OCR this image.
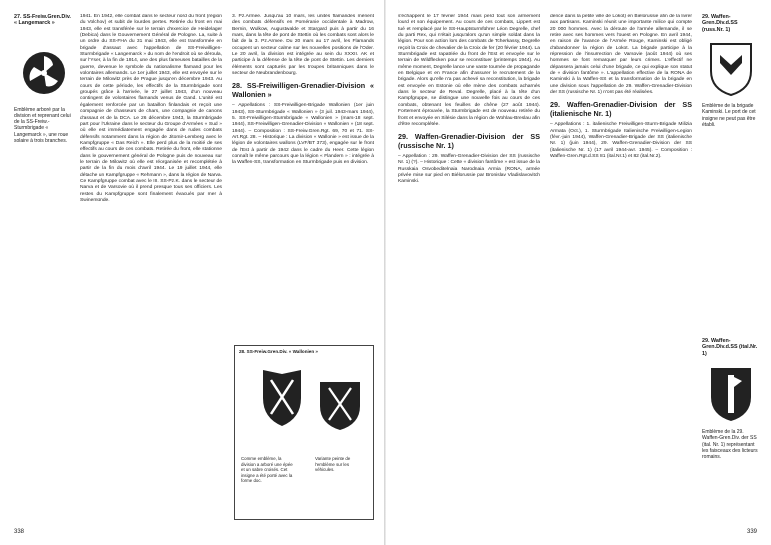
27. SS-Freiw.Gren.Div. « Langemarck »
Emblème arboré par la division et reprenant celui de la SS-Freiw.-Sturmbrigade « Langemarck », une roue solaire à trois branches.

1941. En 1942, elle combat dans le secteur nord du front (région du Volchov) et subit de lourdes pertes. Retirée du front en mai 1943, elle est transférée sur le terrain d'exercice de Heidelager (Debica) dans le Gouvernement Général de Pologne. La, suite à un ordre du SS-FHA du 31 mai 1943, elle est transformée en brigade d'assaut avec l'appellation de SS-Freiwilligen-Sturmbrigade « Langemarck » du nom de l'endroit où se déroula, sur l'Yser, à la fin de 1914, une des plus fameuses batailles de la guerre, devenue le symbole du nationalisme flamand pour les volontaires allemands. Le 1er juillet 1943, elle est envoyée sur le terrain de Milowitz près de Prague jusqu'en décembre 1943. Au cours de cette période, les effectifs de la Sturmbrigade sont groupés grâce à l'arrivée, le 27 juillet 1943, d'un nouveau contingent de volontaires flamands venus de Gand. L'unité est également renforcée par un bataillon finlandais et reçoit une compagnie de chasseurs de chars, une compagnie de canons d'assaut et de la DCA. Le 26 décembre 1943, la Sturmbrigade part pour l'Ukraine dans le secteur du Groupe d'Armées « Sud » où elle est immédiatement engagée dans de rudes combats défensifs notamment dans la région de Jitomir-Lemberg avec le Kampfgruppe « Das Reich ». Elle perd plus de la moitié de ses effectifs au cours de ces combats. Retirée du front, elle stationne dans le gouvernement général de Pologne puis de nouveau sur le terrain de Milowitz où elle est réorganisée et recomplétée à partir de la fin du mois d'avril 1944. Le 19 juillet 1944, elle détache un Kampfgruppe « Rehmann », dans la région de Narva. Ce Kampfgruppe combat avec le III. SS-Pz.K. dans le secteur de Narva et de Varsovie où il prend presque tous ses officiers. Les restes du Kampfgruppe sont finalement évacués par mer à Swinemünde.

3. Pz.Armee. Jusqu'au 10 mars, les unités flamandes mènent des combats défensifs en Poméranie occidentale à Madrow, Bernin, Wulkow, Augustwalde et Stargard puis à partir du 16 mars, dans la tête de pont de Stettin où les combats sont alors le fait de la 3. Pz.Armee. Du 20 mars au 17 avril, les Flamands occupent un secteur calme sur les nouvelles positions de l'Oder. Le 20 avril, la division est intégrée au sein du XXXII. AK et participe à la défense de la tête de pont de Stettin. Les derniers éléments sont capturés par les troupes britanniques dans le secteur de Neubrandenbourg.

28. SS-Freiwilligen-Grenadier-Division « Wallonien »

– Appellations : SS-Freiwilligen-Brigade Wallonien (1er juin 1943), SS-Sturmbrigade « Wallonien » (3 juil. 1943-mars 1944), 5. SS-Freiwilligen-Sturmbrigade « Wallonien » (mars-18 sept. 1944), SS-Freiwilligen-Grenadier-Division « Wallonien » (18 sept. 1944). – Composition : SS-Freiw.Gren.Rgt. 69, 70 et 71. SS-Art.Rgt. 28. – Historique : La division « Wallonie » est issue de la légion de volontaires wallons (LVF/BT 373), engagée sur le front de l'Est à partir de 1942 dans le cadre du Heer. Cette légion connaît le même parcours que la légion « Flandern » : intégrée à la Waffen-SS, transformation en Sturmbrigade puis en division.

28. SS-Freiw.Gren.Div. « Wallonien »
Comme emblème, la division a arboré une épée et un sabre croisés. Cet insigne a été porté avec la forme doc.
Variante peinte de l'emblème sur les véhicules.
338

s'échappent le 17 février 1944 mais perd tout son armement lourd et son équipement. Au cours de ces combats, Lippert est tué et remplacé par le SS-Hauptsturmführer Léon Degrelle, chef du parti Rex, qui n'était jusqu'alors qu'un simple soldat dans la légion. Pour son action lors des combats de Tcherkassy, Degrelle reçoit la Croix de chevalier de la Croix de fer (20 février 1944). La Sturmbrigade est rapatriée du front de l'Est et envoyée sur le terrain de Wildflecken pour se reconstituer (printemps 1944). Au même moment, Degrelle lance une vaste tournée de propagande en Belgique et en France afin d'assurer le recrutement de la brigade. Alors qu'elle n'a pas achevé sa reconstitution, la brigade est envoyée en Estonie où elle mène des combats acharnés dans le secteur de Reval. Degrelle, placé à la tête d'un Kampfgruppe, se distingue une nouvelle fois au cours de ces combats, obtenant les feuilles de chêne (27 août 1944). Fortement éprouvée, la Sturmbrigade est de nouveau retirée du front et envoyée en Silésie dans la région de Wohlau-Breslau afin d'être recomplétée.

29. Waffen-Grenadier-Division der SS (russische Nr. 1)

– Appellation : 29. Waffen-Grenadier-Division der SS (russische Nr. 1) (?). – Historique : Cette « division fantôme » est issue de la Russkaia Osvobeditelnaia Narodnaia Armia (RONA, armée privée mise sur pied en Biélorussie par Bronislav Vladislavovitch Kaminski.

dence dans la petite ville de Lokot) en Biélorussie afin de la livrer aux partisans. Kaminski réunit une importante milice qui compte 20 000 hommes. Avec la déroute de l'armée allemande, il se retire avec ses hommes vers l'ouest en Pologne. En avril 1944, en raison de l'avance de l'Armée Rouge, Kaminski est obligé d'abandonner la région de Lokot. La brigade participe à la répression de l'insurrection de Varsovie (août 1944) où ses hommes se font remarquer par leurs crimes. L'effectif ne dépassera jamais celui d'une brigade, ce qui explique son statut de « division fantôme ». L'appellation effective de la RONA de Kaminski à la Waffen-SS et la transformation de la brigade en une division sous l'appellation de 29. Waffen-Grenadier-Division der SS (russische Nr. 1) n'ont pas été réalisées.

29. Waffen-Grenadier-Division der SS (italienische Nr. 1)

– Appellations : 1. italienische Freiwilligen-Sturm-Brigade Milizia Armata (Oct.), 1. Sturmbrigade Italienische Freiwilligen-Legion (févr.-juin 1944), Waffen-Grenadier-Brigade der SS (italienische Nr. 1) (juin 1944), 29. Waffen-Grenadier-Division der SS (italienische Nr. 1) (17 avril 1944-avr. 1945). – Composition : Waffen-Gren.Rgt.d.SS 81 (ital.Nr.1) et 82 (ital.Nr.2).

29. Waffen-Gren.Div.d.SS (russ.Nr. 1)
Emblème de la brigade Kaminski. Le port de cet insigne ne peut pas être établi.
29. Waffen-Gren.Div.d.SS (ital.Nr. 1)
Emblème de la 29. Waffen-Gren.Div. der SS (ital. Nr. 1) représentant les faisceaux des licteurs romains.
339
